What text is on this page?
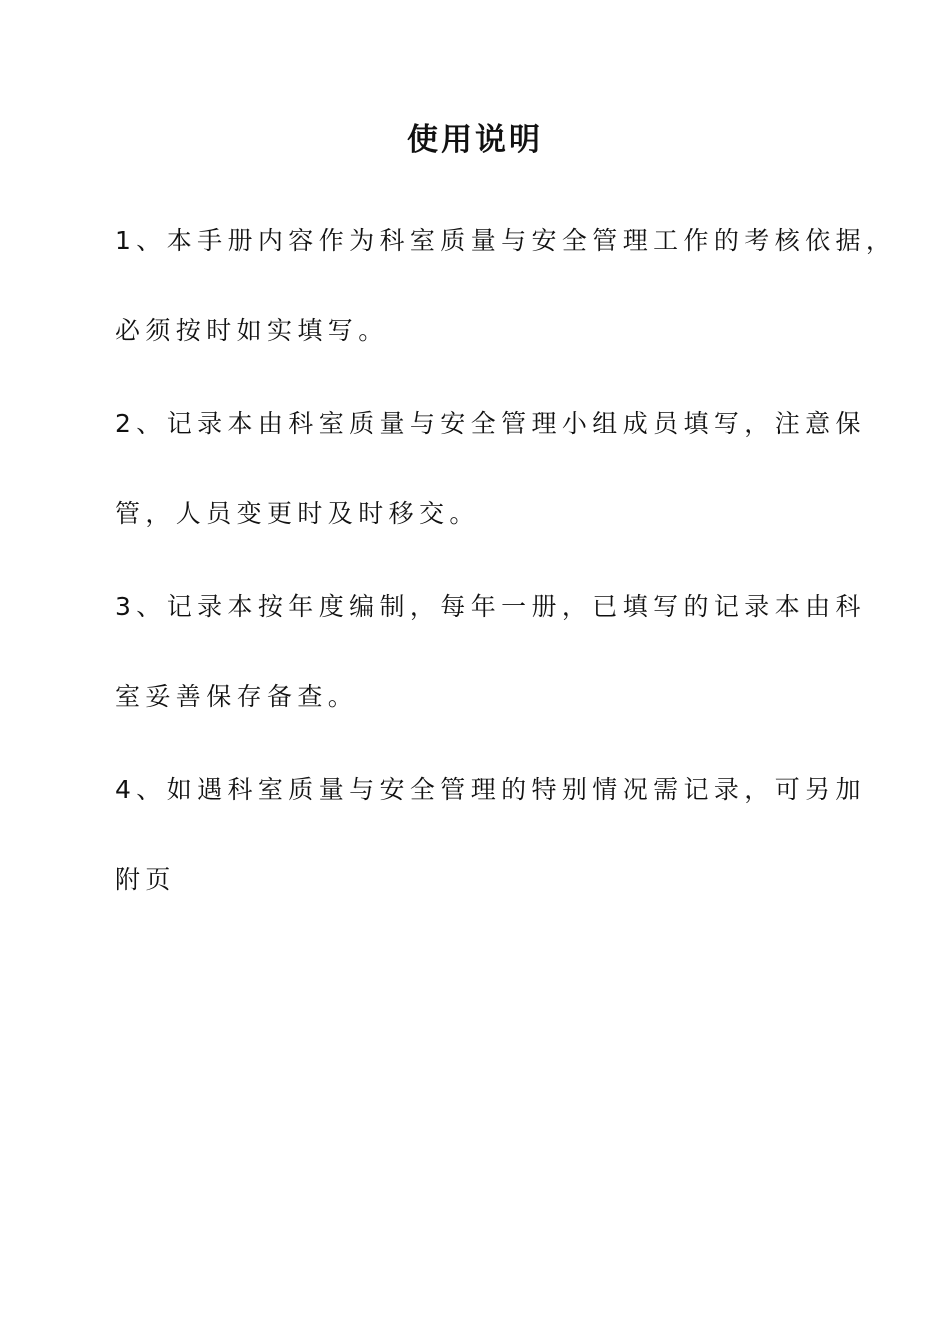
使用说明

1、本手册内容作为科室质量与安全管理工作的考核依据，
必须按时如实填写。

2、记录本由科室质量与安全管理小组成员填写，注意保
管，人员变更时及时移交。

3、记录本按年度编制，每年一册，已填写的记录本由科
室妥善保存备查。

4、如遇科室质量与安全管理的特别情况需记录，可另加
附页
